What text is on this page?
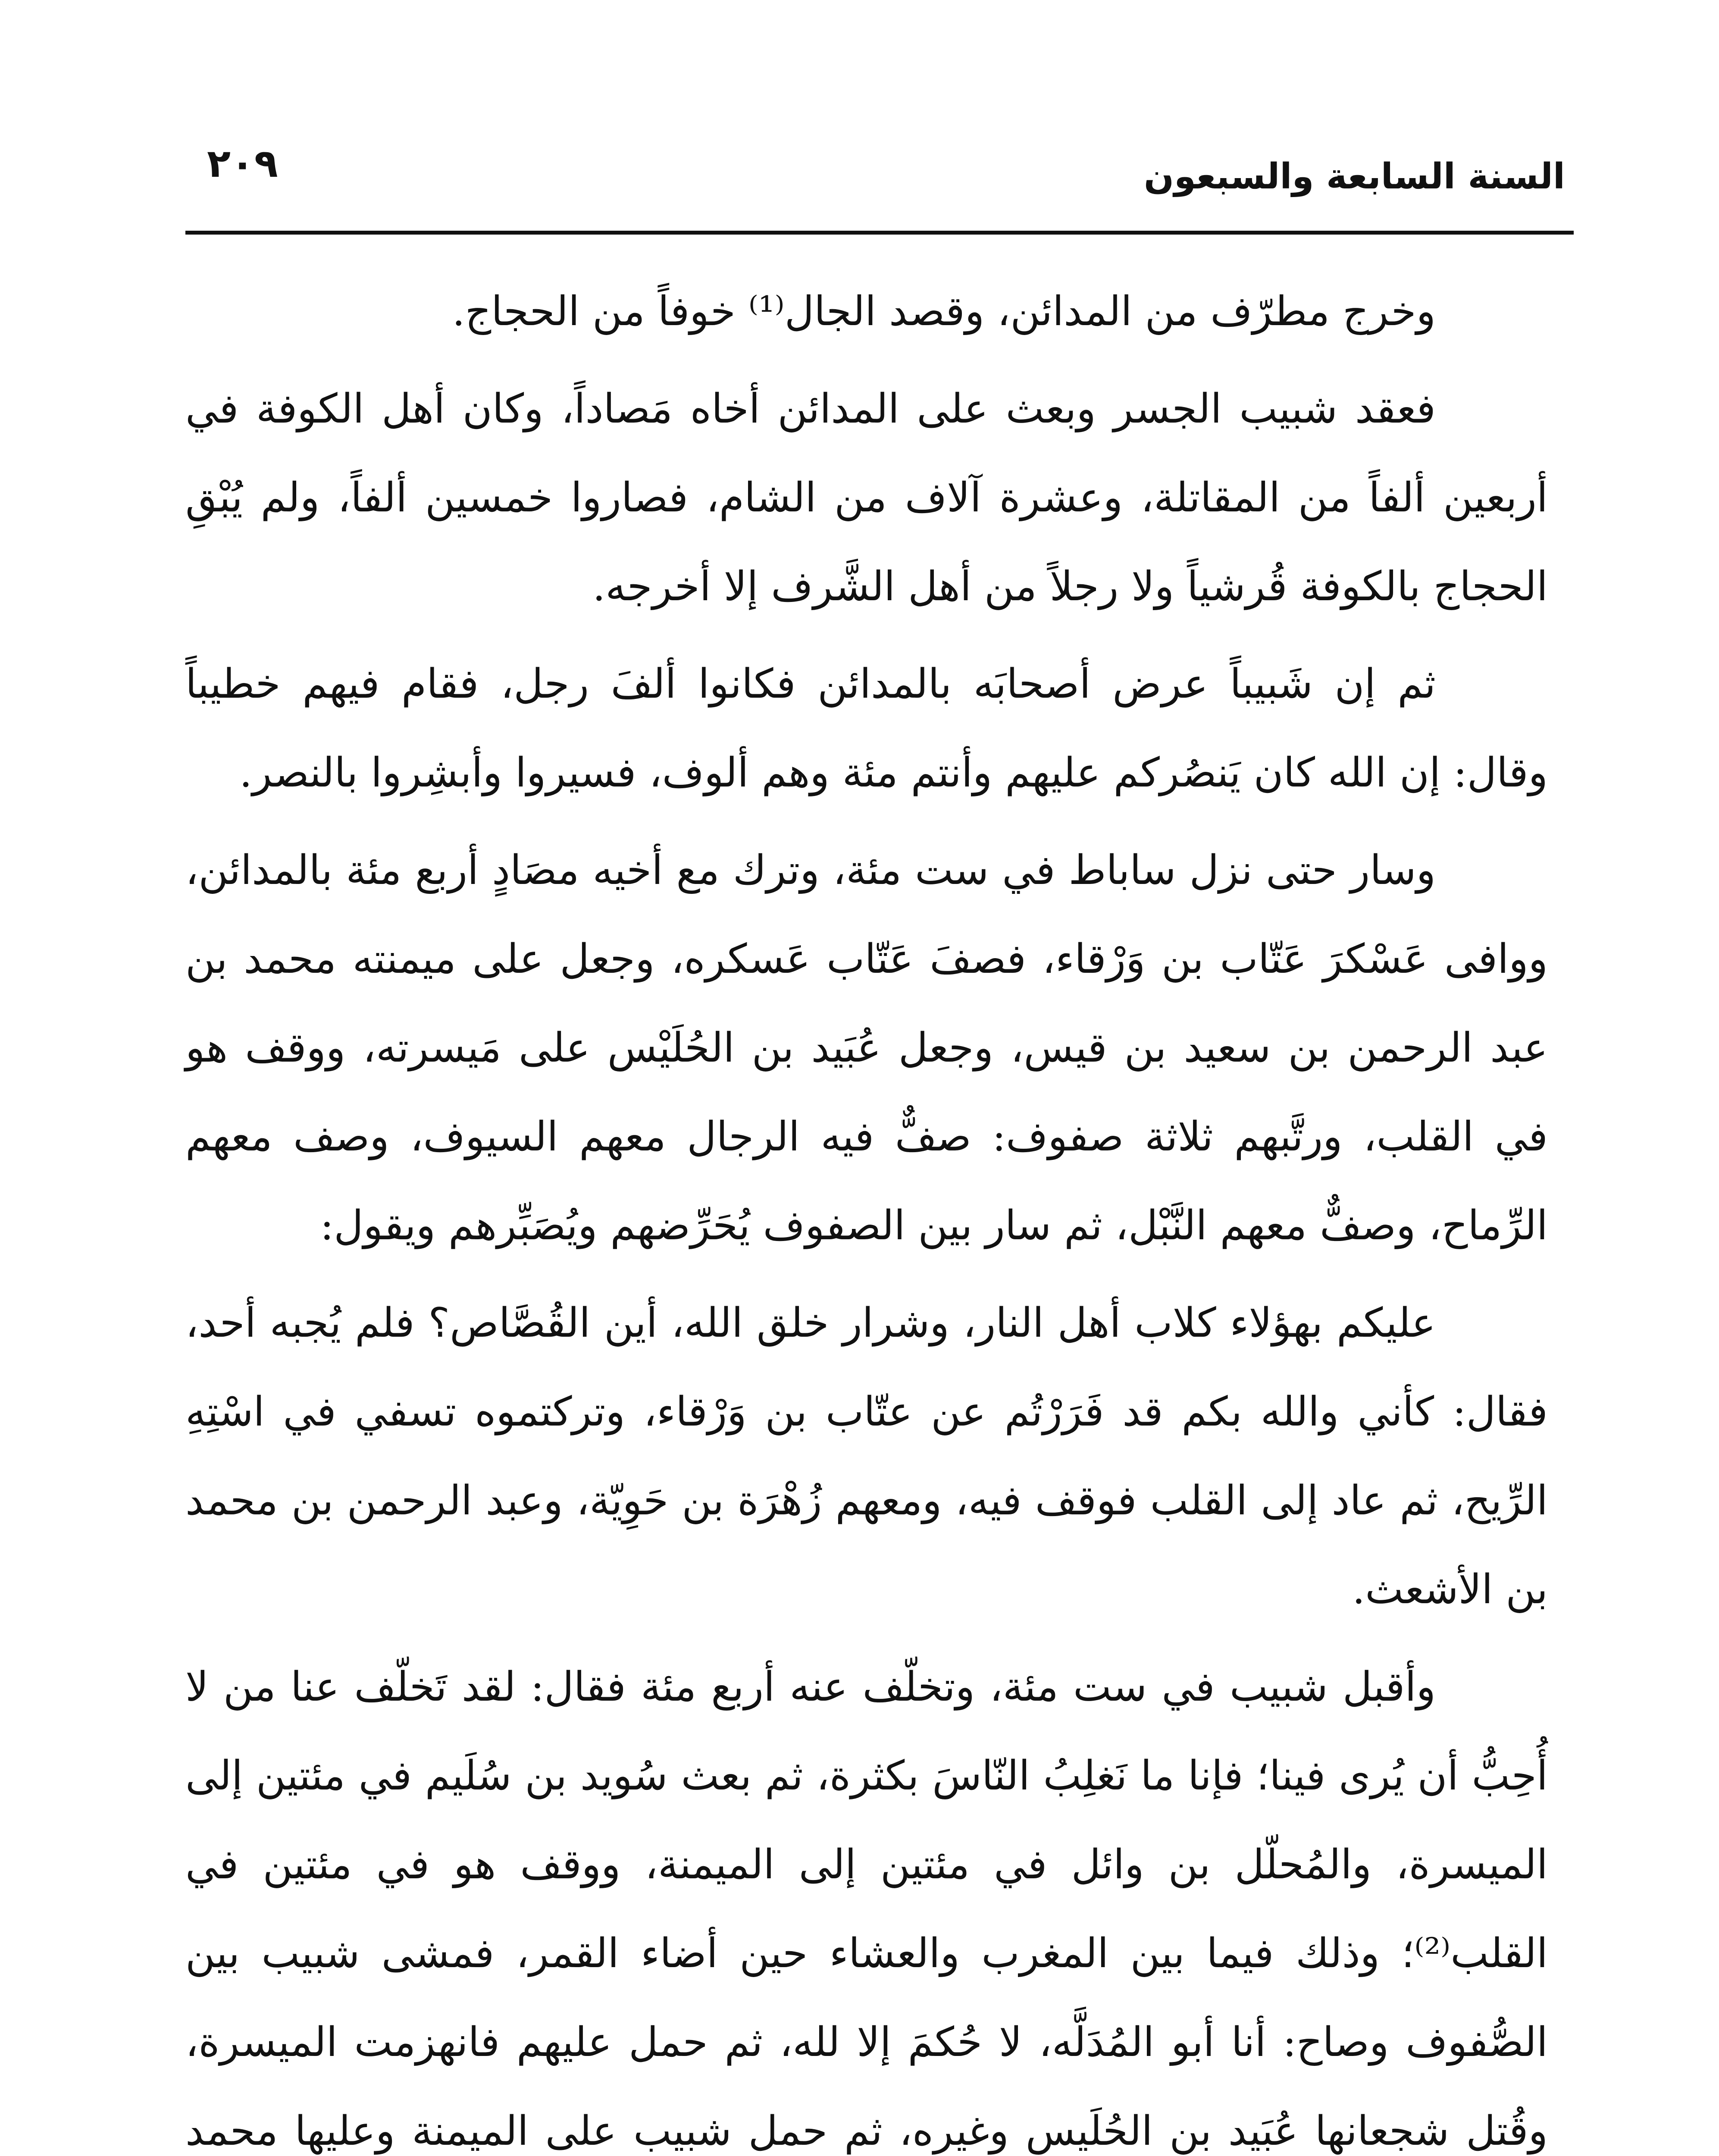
السنة السابعة والسبعون
٢٠٩

وخرج مطرّف من المدائن، وقصد الجال⁽¹⁾ خوفاً من الحجاج.

فعقد شبيب الجسر وبعث على المدائن أخاه مَصاداً، وكان أهل الكوفة في أربعين ألفاً من المقاتلة، وعشرة آلاف من الشام، فصاروا خمسين ألفاً، ولم يُبْقِ الحجاج بالكوفة قُرشياً ولا رجلاً من أهل الشَّرف إلا أخرجه.

ثم إن شَبيباً عرض أصحابَه بالمدائن فكانوا ألفَ رجل، فقام فيهم خطيباً وقال: إن الله كان يَنصُركم عليهم وأنتم مئة وهم ألوف، فسيروا وأبشِروا بالنصر.

وسار حتى نزل ساباط في ست مئة، وترك مع أخيه مصَادٍ أربع مئة بالمدائن، ووافى عَسْكرَ عَتّاب بن وَرْقاء، فصفَ عَتّاب عَسكره، وجعل على ميمنته محمد بن عبد الرحمن بن سعيد بن قيس، وجعل عُبَيد بن الحُلَيْس على مَيسرته، ووقف هو في القلب، ورتَّبهم ثلاثة صفوف: صفٌّ فيه الرجال معهم السيوف، وصف معهم الرِّماح، وصفٌّ معهم النَّبْل، ثم سار بين الصفوف يُحَرِّضهم ويُصَبِّرهم ويقول:

عليكم بهؤلاء كلاب أهل النار، وشرار خلق الله، أين القُصَّاص؟ فلم يُجبه أحد، فقال: كأني والله بكم قد فَرَرْتُم عن عتّاب بن وَرْقاء، وتركتموه تسفي في اسْتِهِ الرِّيح، ثم عاد إلى القلب فوقف فيه، ومعهم زُهْرَة بن حَوِيّة، وعبد الرحمن بن محمد بن الأشعث.

وأقبل شبيب في ست مئة، وتخلّف عنه أربع مئة فقال: لقد تَخلّف عنا من لا أُحِبُّ أن يُرى فينا؛ فإنا ما نَغلِبُ النّاسَ بكثرة، ثم بعث سُويد بن سُلَيم في مئتين إلى الميسرة، والمُحلّل بن وائل في مئتين إلى الميمنة، ووقف هو في مئتين في القلب⁽²⁾؛ وذلك فيما بين المغرب والعشاء حين أضاء القمر، فمشى شبيب بين الصُّفوف وصاح: أنا أبو المُدَلَّه، لا حُكمَ إلا لله، ثم حمل عليهم فانهزمت الميسرة، وقُتل شجعانها عُبَيد بن الحُلَيس وغيره، ثم حمل شبيب على الميمنة وعليها محمد
